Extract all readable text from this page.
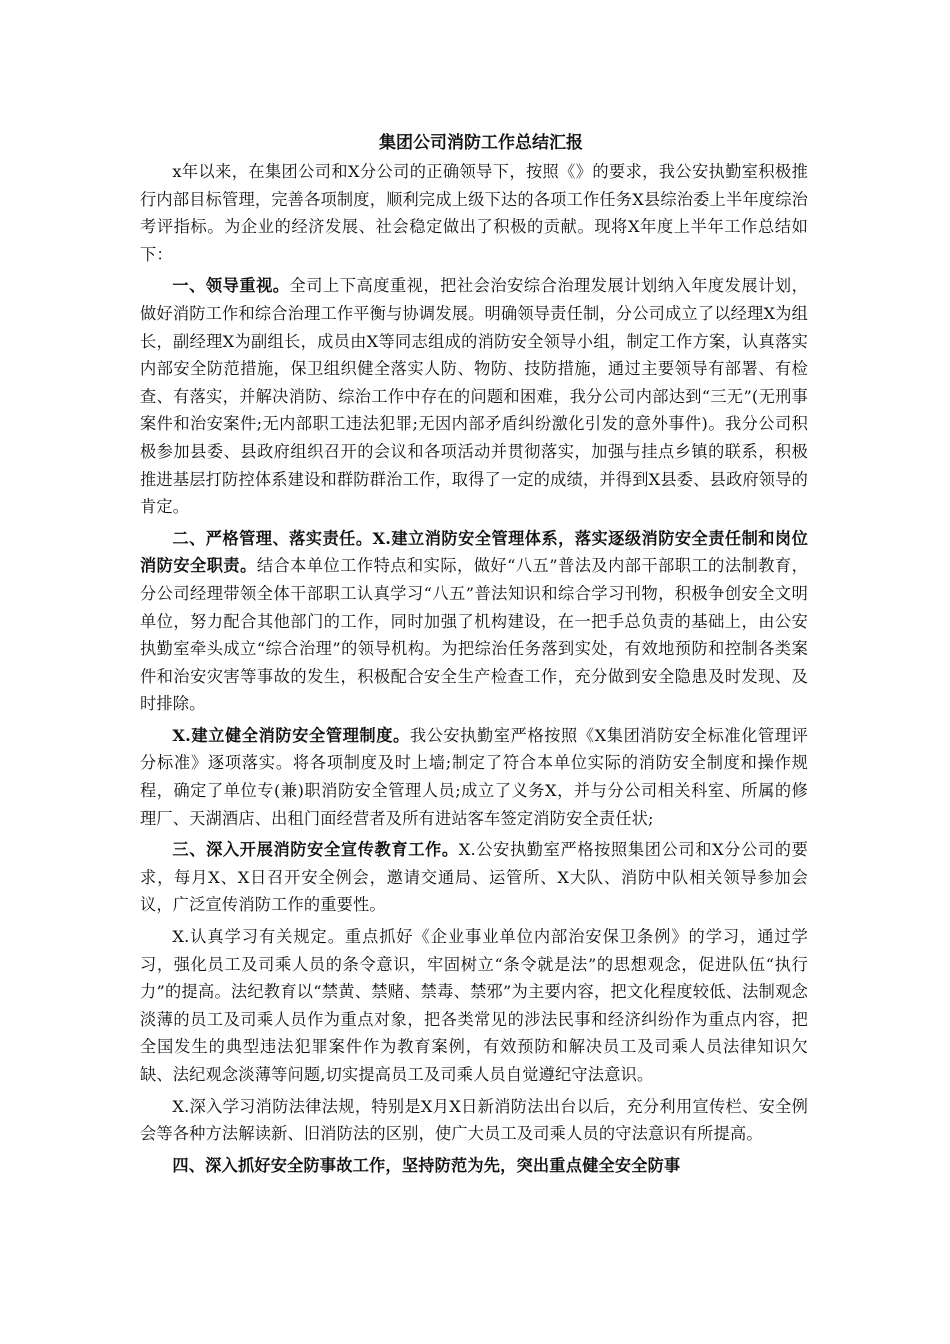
集团公司消防工作总结汇报

x年以来，在集团公司和X分公司的正确领导下，按照《》的要求，我公安执勤室积极推行内部目标管理，完善各项制度，顺利完成上级下达的各项工作任务X县综治委上半年度综治考评指标。为企业的经济发展、社会稳定做出了积极的贡献。现将X年度上半年工作总结如下：

一、领导重视。全司上下高度重视，把社会治安综合治理发展计划纳入年度发展计划，做好消防工作和综合治理工作平衡与协调发展。明确领导责任制，分公司成立了以经理X为组长，副经理X为副组长，成员由X等同志组成的消防安全领导小组，制定工作方案，认真落实内部安全防范措施，保卫组织健全落实人防、物防、技防措施，通过主要领导有部署、有检查、有落实，并解决消防、综治工作中存在的问题和困难，我分公司内部达到“三无”(无刑事案件和治安案件;无内部职工违法犯罪;无因内部矛盾纠纷激化引发的意外事件)。我分公司积极参加县委、县政府组织召开的会议和各项活动并贯彻落实，加强与挂点乡镇的联系，积极推进基层打防控体系建设和群防群治工作，取得了一定的成绩，并得到X县委、县政府领导的肯定。

二、严格管理、落实责任。X.建立消防安全管理体系，落实逐级消防安全责任制和岗位消防安全职责。结合本单位工作特点和实际，做好“八五”普法及内部干部职工的法制教育，分公司经理带领全体干部职工认真学习“八五”普法知识和综合学习刊物，积极争创安全文明单位，努力配合其他部门的工作，同时加强了机构建设，在一把手总负责的基础上，由公安执勤室牵头成立“综合治理”的领导机构。为把综治任务落到实处，有效地预防和控制各类案件和治安灾害等事故的发生，积极配合安全生产检查工作，充分做到安全隐患及时发现、及时排除。

X.建立健全消防安全管理制度。我公安执勤室严格按照《X集团消防安全标准化管理评分标准》逐项落实。将各项制度及时上墙;制定了符合本单位实际的消防安全制度和操作规程，确定了单位专(兼)职消防安全管理人员;成立了义务X，并与分公司相关科室、所属的修理厂、天湖酒店、出租门面经营者及所有进站客车签定消防安全责任状;

三、深入开展消防安全宣传教育工作。X.公安执勤室严格按照集团公司和X分公司的要求，每月X、X日召开安全例会，邀请交通局、运管所、X大队、消防中队相关领导参加会议，广泛宣传消防工作的重要性。

X.认真学习有关规定。重点抓好《企业事业单位内部治安保卫条例》的学习，通过学习，强化员工及司乘人员的条令意识，牢固树立“条令就是法”的思想观念，促进队伍“执行力”的提高。法纪教育以“禁黄、禁赌、禁毒、禁邪”为主要内容，把文化程度较低、法制观念淡薄的员工及司乘人员作为重点对象，把各类常见的涉法民事和经济纠纷作为重点内容，把全国发生的典型违法犯罪案件作为教育案例，有效预防和解决员工及司乘人员法律知识欠缺、法纪观念淡薄等问题,切实提高员工及司乘人员自觉遵纪守法意识。

X.深入学习消防法律法规，特别是X月X日新消防法出台以后，充分利用宣传栏、安全例会等各种方法解读新、旧消防法的区别，使广大员工及司乘人员的守法意识有所提高。

四、深入抓好安全防事故工作，坚持防范为先，突出重点健全安全防事
